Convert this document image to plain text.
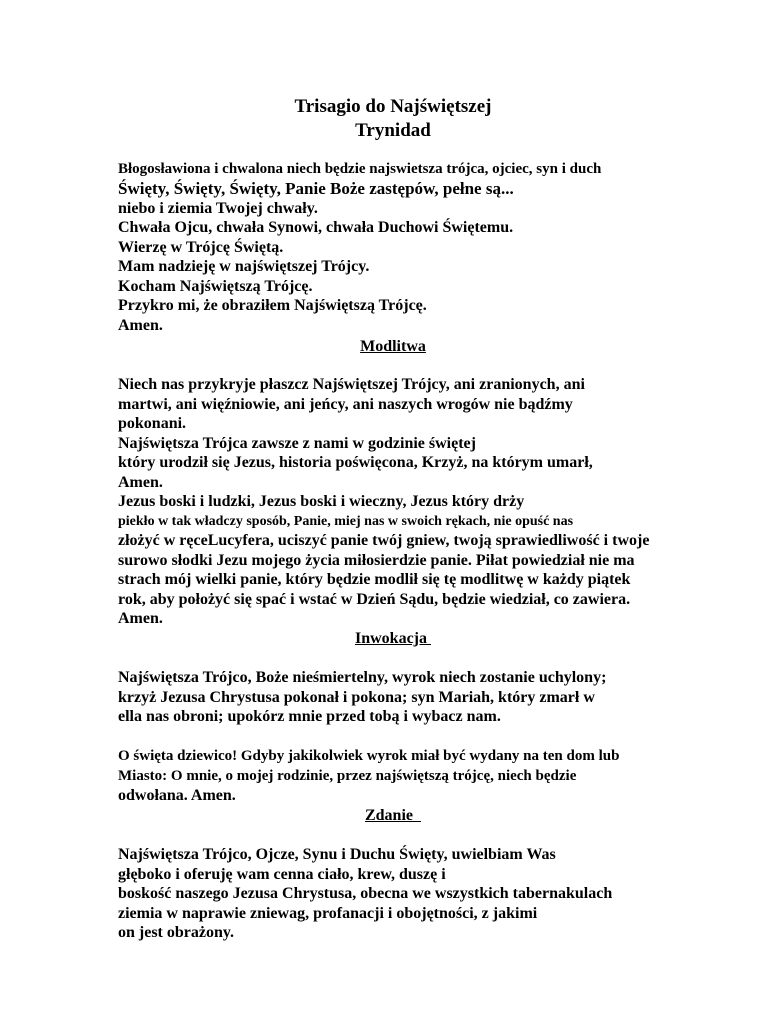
Trisagio do Najświętszej
Trynidad
Błogosławiona i chwalona niech będzie najswietsza trójca, ojciec, syn i duch
Święty, Święty, Święty, Panie Boże zastępów, pełne są...
niebo i ziemia Twojej chwały.
Chwała Ojcu, chwała Synowi, chwała Duchowi Świętemu.
Wierzę w Trójcę Świętą.
Mam nadzieję w najświętszej Trójcy.
Kocham Najświętszą Trójcę.
Przykro mi, że obraziłem Najświętszą Trójcę.
Amen.
Modlitwa
Niech nas przykryje płaszcz Najświętszej Trójcy, ani zranionych, ani
martwi, ani więźniowie, ani jeńcy, ani naszych wrogów nie bądźmy
pokonani.
Najświętsza Trójca zawsze z nami w godzinie świętej
który urodził się Jezus, historia poświęcona, Krzyż, na którym umarł,
Amen.
Jezus boski i ludzki, Jezus boski i wieczny, Jezus który drży
piekło w tak władczy sposób, Panie, miej nas w swoich rękach, nie opuść nas
złożyć w ręceLucyfera, uciszyć panie twój gniew, twoją sprawiedliwość i twoje
surowo słodki Jezu mojego życia miłosierdzie panie. Piłat powiedział nie ma
strach mój wielki panie, który będzie modlił się tę modlitwę w każdy piątek
rok, aby położyć się spać i wstać w Dzień Sądu, będzie wiedział, co zawiera.
Amen.
Inwokacja
Najświętsza Trójco, Boże nieśmiertelny, wyrok niech zostanie uchylony;
krzyż Jezusa Chrystusa pokonał i pokona; syn Mariah, który zmarł w
ella nas obroni; upokórz mnie przed tobą i wybacz nam.
O święta dziewico! Gdyby jakikolwiek wyrok miał być wydany na ten dom lub
Miasto: O mnie, o mojej rodzinie, przez najświętszą trójcę, niech będzie
odwołana. Amen.
Zdanie
Najświętsza Trójco, Ojcze, Synu i Duchu Święty, uwielbiam Was
głęboko i oferuję wam cenna ciało, krew, duszę i
boskość naszego Jezusa Chrystusa, obecna we wszystkich tabernakulach
ziemia w naprawie zniewag, profanacji i obojętności, z jakimi
on jest obrażony.
